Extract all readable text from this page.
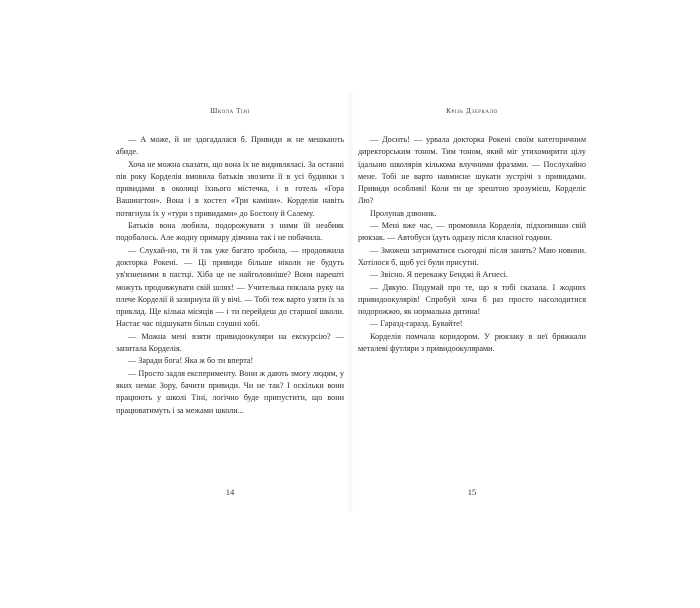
Школа Тіні

— А може, й не здогадалася б. Привиди ж не мешкають абиде.

Хоча не можна сказати, що вона їх не видивляласі. За останні пів року Корделія вмовила батьків звозити її в усі будинки з привидами в околиці їхнього містечка, і в готель «Гора Вашингтон». Вона і в хостел «Три каміни». Корделія навіть потягнула їх у «тури з привидами» до Бостону й Салему.

Батьків вона любила, подорожувати з ними їй неабияк подобалось. Але жодну примару дівчина так і не побачила.

— Слухай-но, ти й так уже багато зробила, — продовжила докторка Рокені. — Ці привиди більше ніколи не будуть ув'язненими в пастці. Хіба це не найголовніше? Вони нарешті можуть продовжувати свій шлях! — Учителька поклала руку на плече Корделії й зазирнула їй у вічі. — Тобі теж варто узяти їх за приклад. Ще кілька місяців — і ти перейдеш до старшої школи. Настає час підшукати більш слушні хобі.

— Можна мені взяти привидоокуляри на екскурсію? — запитала Корделія.

— Заради бога! Яка ж бо ти вперта!

— Просто задля експерименту. Вони ж дають змогу людям, у яких немає Зору, бачити привиди. Чи не так? І оскільки вони працюють у школі Тіні, логічно буде припустити, що вони працюватимуть і за межами школи...

14
Крізь Дзеркало

— Досить! — урвала докторка Рокені своїм категоричним директорським тоном. Тим тоном, який міг утихомирити цілу їдальню школярів кількома влучними фразами. — Послухайно мене. Тобі не варто навмисне шукати зустрічі з привидами. Привиди особливі! Коли ти це зрештою зрозумієш, Корделіє Лю?

Пролунав дзвоник.

— Мені вже час, — промовила Корделія, підхопивши свій рюкзак. — Автобуси їдуть одразу після класної години.

— Зможеш затриматися сьогодні після занять? Маю новини. Хотілося б, щоб усі були присутні.

— Звісно. Я перекажу Бенджі й Агнесі.

— Дякую. Подумай про те, що я тобі сказала. І жодних привидоокулярів! Спробуй хоча б раз просто насолодитися подорожжю, як нормальна дитина!

— Гаразд-гаразд. Бувайте!

Корделія помчала коридором. У рюкзаку в неї бряжкали металеві футляри з привидоокулярами.

15
